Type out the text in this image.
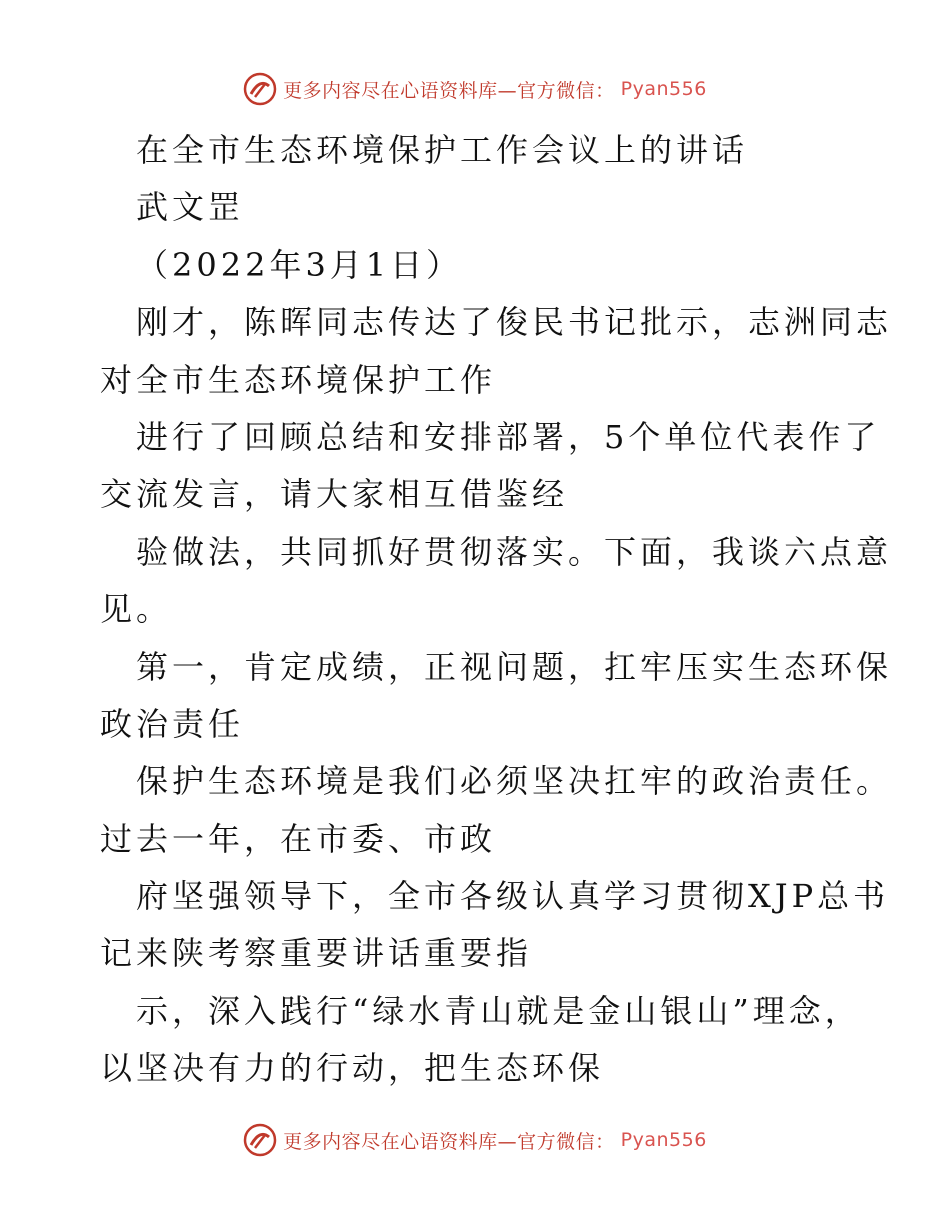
更多内容尽在心语资料库—官方微信： Pyan556
在全市生态环境保护工作会议上的讲话
武文罡
（2022年3月1日）
刚才，陈晖同志传达了俊民书记批示，志洲同志
对全市生态环境保护工作
进行了回顾总结和安排部署，5个单位代表作了
交流发言，请大家相互借鉴经
验做法，共同抓好贯彻落实。下面，我谈六点意
见。
第一，肯定成绩，正视问题，扛牢压实生态环保
政治责任
保护生态环境是我们必须坚决扛牢的政治责任。
过去一年，在市委、市政
府坚强领导下，全市各级认真学习贯彻XJP总书
记来陕考察重要讲话重要指
示，深入践行“绿水青山就是金山银山”理念，
以坚决有力的行动，把生态环保
更多内容尽在心语资料库—官方微信： Pyan556
